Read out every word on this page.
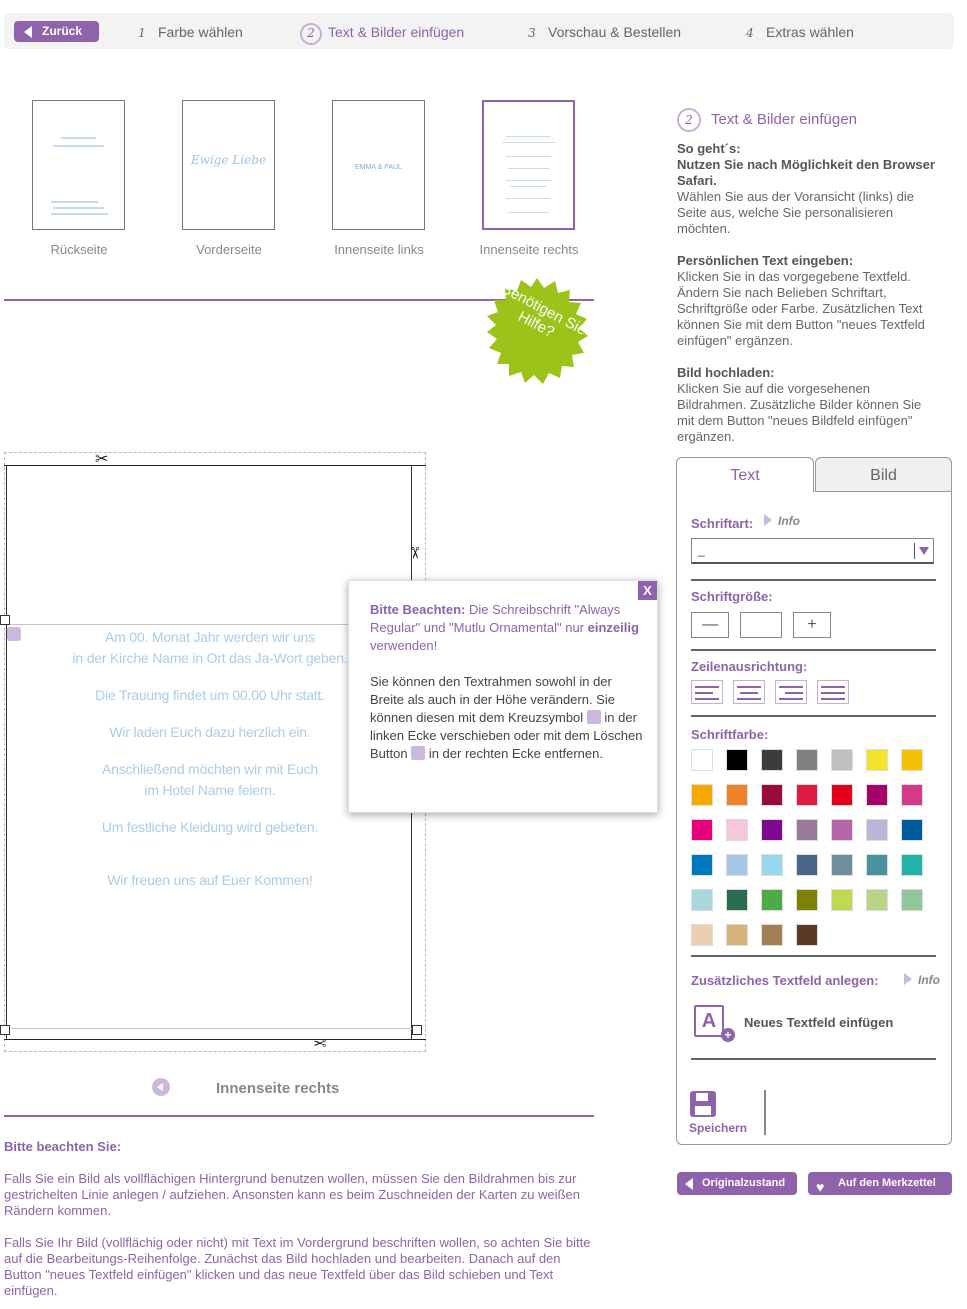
Zurück	1 Farbe wählen	2 Text & Bilder einfügen	3 Vorschau & Bestellen	4 Extras wählen
Ewige Liebe
EMMA & PAUL
Rückseite	Vorderseite	Innenseite links	Innenseite rechts
Benötigen Sie Hilfe?
✂
✂
✂
Am 00. Monat Jahr werden wir uns
in der Kirche Name in Ort das Ja-Wort geben.
Die Trauung findet um 00.00 Uhr statt.
Wir laden Euch dazu herzlich ein.
Anschließend möchten wir mit Euch
im Hotel Name feiern.
Um festliche Kleidung wird gebeten.
Wir freuen uns auf Euer Kommen!
Innenseite rechts
Bitte beachten Sie:
Falls Sie ein Bild als vollflächigen Hintergrund benutzen wollen, müssen Sie den Bildrahmen bis zur gestrichelten Linie anlegen / aufziehen. Ansonsten kann es beim Zuschneiden der Karten zu weißen Rändern kommen.
Falls Sie Ihr Bild (vollflächig oder nicht) mit Text im Vordergrund beschriften wollen, so achten Sie bitte auf die Bearbeitungs-Reihenfolge. Zunächst das Bild hochladen und bearbeiten. Danach auf den Button "neues Textfeld einfügen" klicken und das neue Textfeld über das Bild schieben und Text einfügen.
X
Bitte Beachten: Die Schreibschrift "Always Regular" und "Mutlu Ornamental" nur einzeilig verwenden!
Sie können den Textrahmen sowohl in der Breite als auch in der Höhe verändern. Sie können diesen mit dem Kreuzsymbol  in der linken Ecke verschieben oder mit dem Löschen Button  in der rechten Ecke entfernen.
2 Text & Bilder einfügen
So geht´s:
Nutzen Sie nach Möglichkeit den Browser Safari.
Wählen Sie aus der Voransicht (links) die Seite aus, welche Sie personalisieren möchten.
Persönlichen Text eingeben:
Klicken Sie in das vorgegebene Textfeld. Ändern Sie nach Belieben Schriftart, Schriftgröße oder Farbe. Zusätzlichen Text können Sie mit dem Button "neues Textfeld einfügen" ergänzen.
Bild hochladen:
Klicken Sie auf die vorgesehenen Bildrahmen. Zusätzliche Bilder können Sie mit dem Button "neues Bildfeld einfügen" ergänzen.
Text	Bild
Schriftart:	Info
_
Schriftgröße:
—	+
Zeilenausrichtung:
Schriftfarbe:
Zusätzliches Textfeld anlegen:	Info
A
+
Neues Textfeld einfügen
Speichern
Originalzustand	♥ Auf den Merkzettel
